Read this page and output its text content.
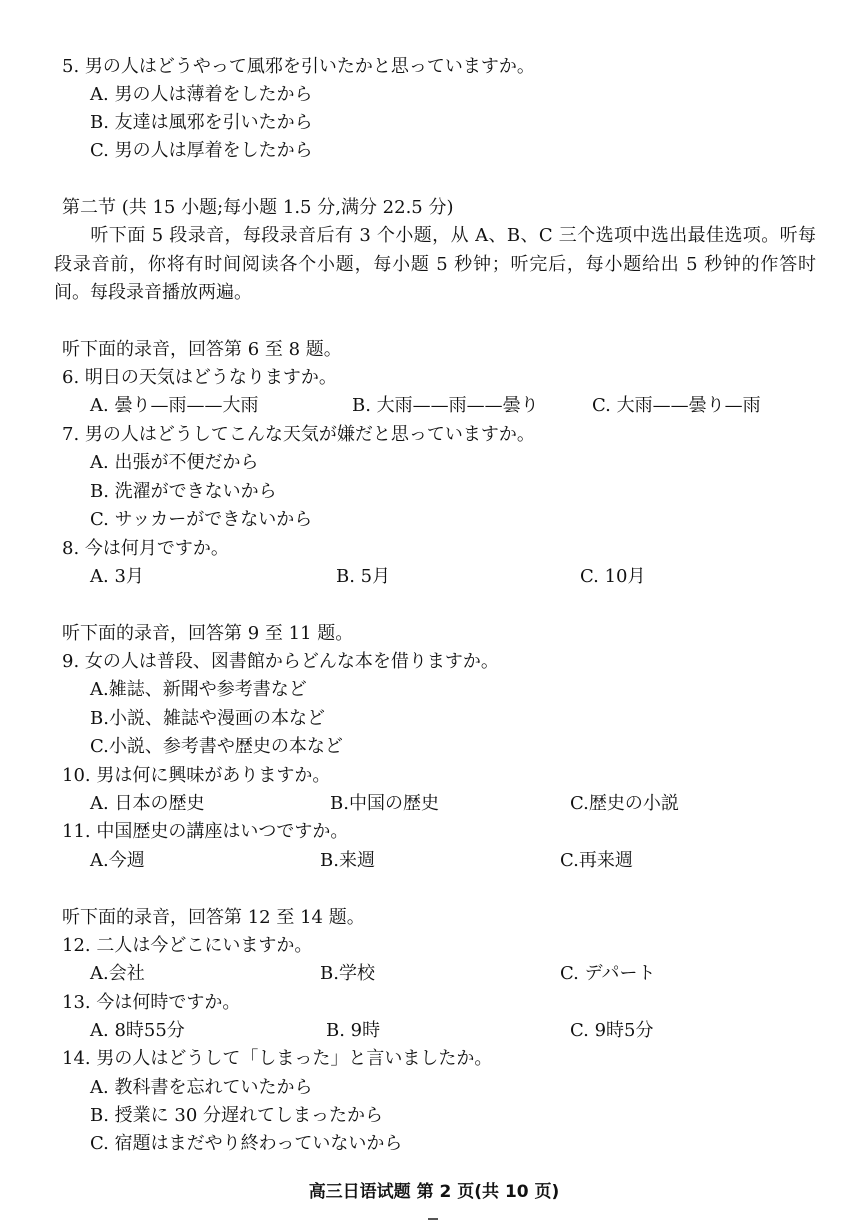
5. 男の人はどうやって風邪を引いたかと思っていますか。
A. 男の人は薄着をしたから
B. 友達は風邪を引いたから
C. 男の人は厚着をしたから
第二节 (共 15 小题;每小题 1.5 分,满分 22.5 分)
听下面 5 段录音，每段录音后有 3 个小题，从 A、B、C 三个选项中选出最佳选项。听每段录音前，你将有时间阅读各个小题，每小题 5 秒钟；听完后，每小题给出 5 秒钟的作答时间。每段录音播放两遍。
听下面的录音，回答第 6 至 8 题。
6. 明日の天気はどうなりますか。
A. 曇り—雨——大雨	B. 大雨——雨——曇り	C. 大雨——曇り—雨
7. 男の人はどうしてこんな天気が嫌だと思っていますか。
A. 出張が不便だから
B. 洗濯ができないから
C. サッカーができないから
8. 今は何月ですか。
A. 3月	B. 5月	C. 10月
听下面的录音，回答第 9 至 11 题。
9. 女の人は普段、図書館からどんな本を借りますか。
A.雑誌、新聞や参考書など
B.小説、雑誌や漫画の本など
C.小説、参考書や歴史の本など
10. 男は何に興味がありますか。
A. 日本の歴史	B.中国の歴史	C.歴史の小説
11. 中国歴史の講座はいつですか。
A.今週	B.来週	C.再来週
听下面的录音，回答第 12 至 14 题。
12. 二人は今どこにいますか。
A.会社	B.学校	C. デパート
13. 今は何時ですか。
A. 8時55分	B. 9時	C. 9時5分
14. 男の人はどうして「しまった」と言いましたか。
A. 教科書を忘れていたから
B. 授業に 30 分遅れてしまったから
C. 宿題はまだやり終わっていないから
高三日语试题 第 2 页(共 10 页)
